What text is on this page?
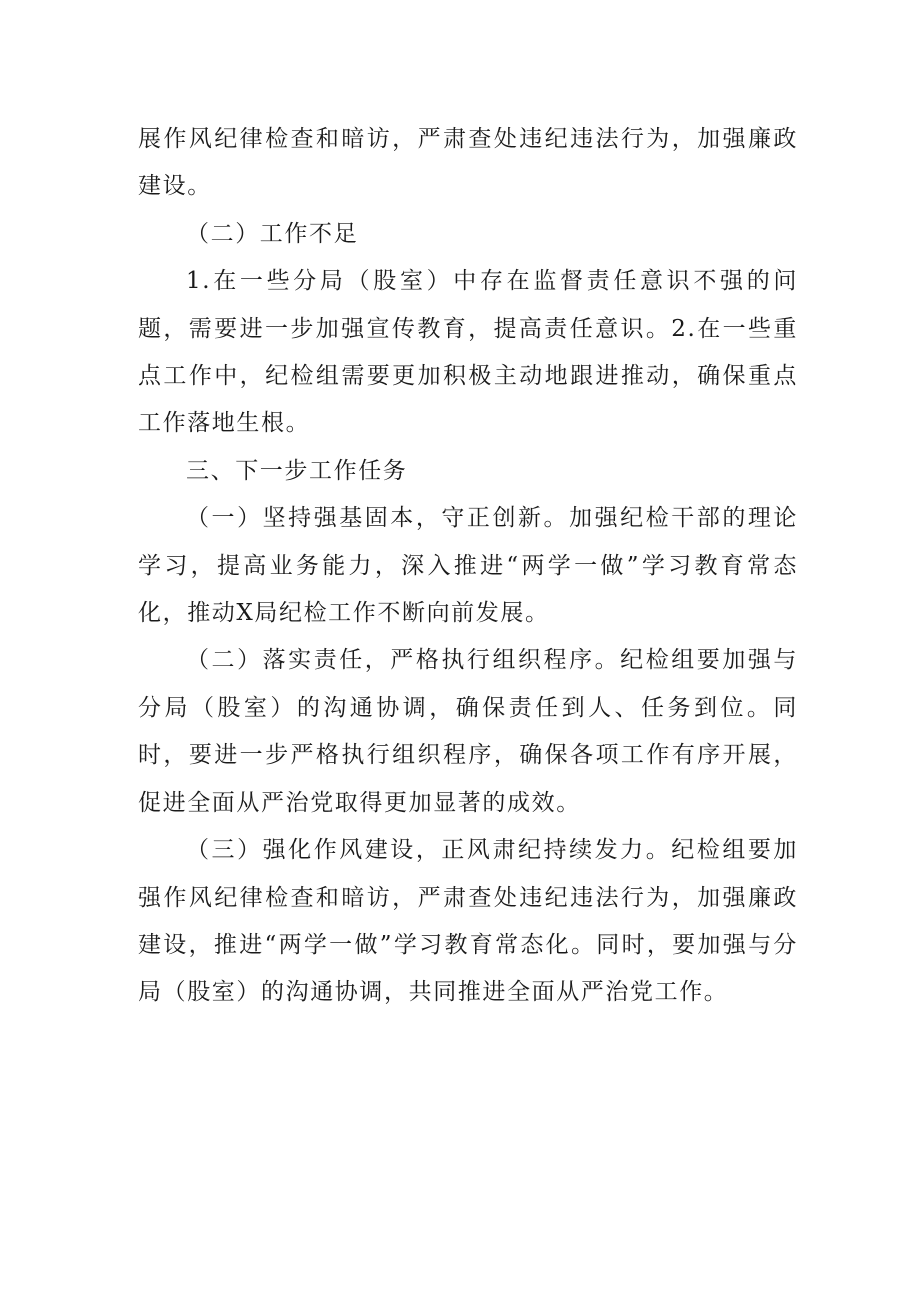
展作风纪律检查和暗访，严肃查处违纪违法行为，加强廉政建设。

（二）工作不足

1.在一些分局（股室）中存在监督责任意识不强的问题，需要进一步加强宣传教育，提高责任意识。2.在一些重点工作中，纪检组需要更加积极主动地跟进推动，确保重点工作落地生根。

三、下一步工作任务

（一）坚持强基固本，守正创新。加强纪检干部的理论学习，提高业务能力，深入推进“两学一做”学习教育常态化，推动X局纪检工作不断向前发展。

（二）落实责任，严格执行组织程序。纪检组要加强与分局（股室）的沟通协调，确保责任到人、任务到位。同时，要进一步严格执行组织程序，确保各项工作有序开展，促进全面从严治党取得更加显著的成效。

（三）强化作风建设，正风肃纪持续发力。纪检组要加强作风纪律检查和暗访，严肃查处违纪违法行为，加强廉政建设，推进“两学一做”学习教育常态化。同时，要加强与分局（股室）的沟通协调，共同推进全面从严治党工作。
